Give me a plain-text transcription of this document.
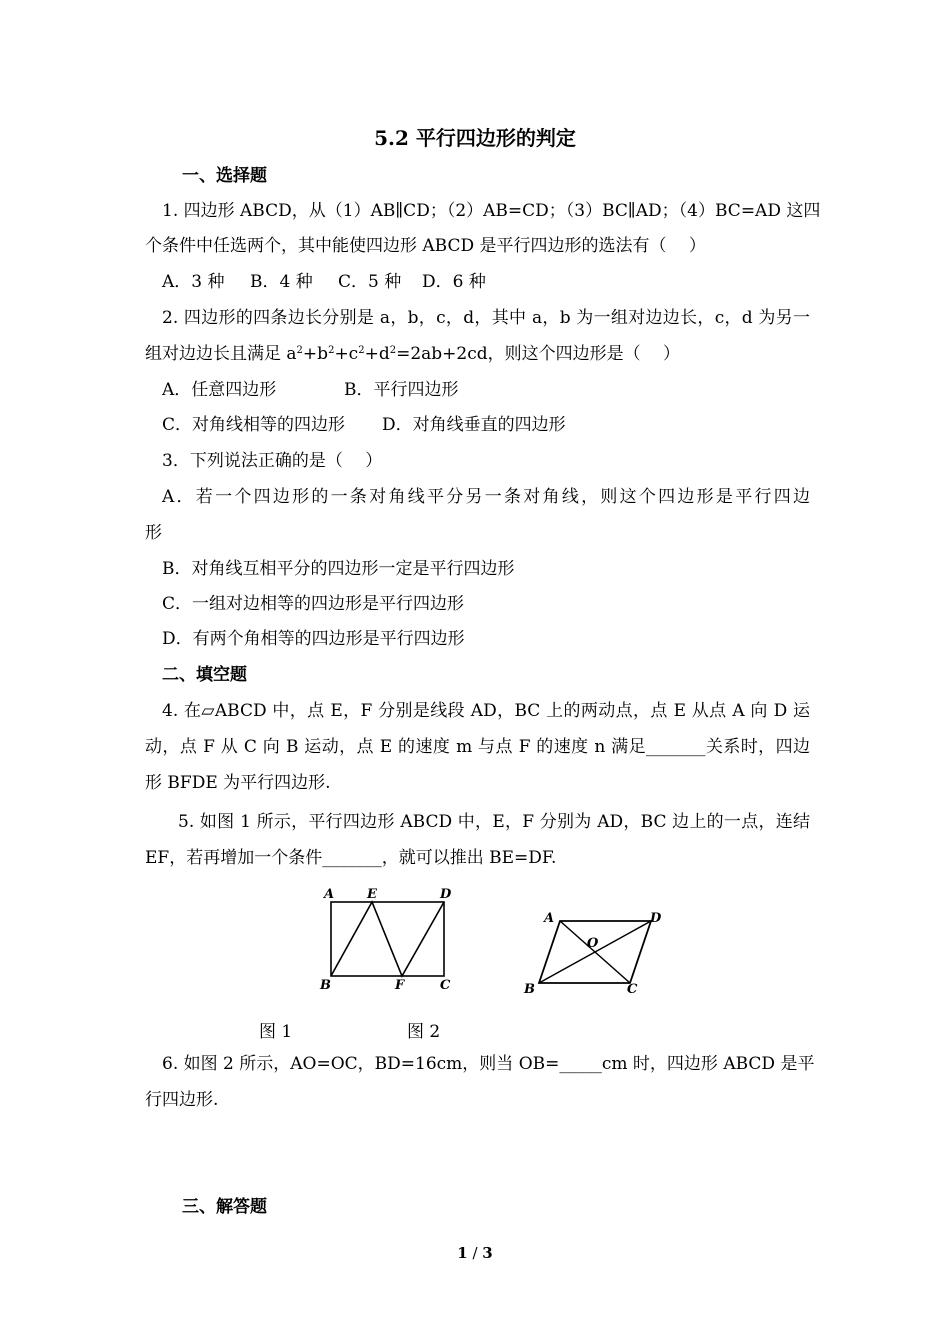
5.2 平行四边形的判定
一、选择题
1. 四边形 ABCD，从（1）AB∥CD；（2）AB=CD；（3）BC∥AD；（4）BC=AD 这四
个条件中任选两个，其中能使四边形 ABCD 是平行四边形的选法有（　 ）
A．3 种 B．4 种 C．5 种 D．6 种
2. 四边形的四条边长分别是 a，b，c，d，其中 a，b 为一组对边边长，c，d 为另一
组对边边长且满足 $a^2+b^2+c^2+d^2=2ab+2cd$，则这个四边形是（　 ）
A．任意四边形	B．平行四边形
C．对角线相等的四边形 D．对角线垂直的四边形
3．下列说法正确的是（　 ）
A．若一个四边形的一条对角线平分另一条对角线，则这个四边形是平行四边
形
B．对角线互相平分的四边形一定是平行四边形
C．一组对边相等的四边形是平行四边形
D．有两个角相等的四边形是平行四边形
二、填空题
4. 在▱ABCD 中，点 E，F 分别是线段 AD，BC 上的两动点，点 E 从点 A 向 D 运
动，点 F 从 C 向 B 运动，点 E 的速度 m 与点 F 的速度 n 满足_______关系时，四边
形 BFDE 为平行四边形.
5. 如图 1 所示，平行四边形 ABCD 中，E，F 分别为 AD，BC 边上的一点，连结
EF，若再增加一个条件_______，就可以推出 BE=DF.
A	E	D
B	F	C
A	D
O
B	C
图 1	图 2
6. 如图 2 所示，AO=OC，BD=16cm，则当 OB=_____cm 时，四边形 ABCD 是平
行四边形.
三、解答题
1 / 3
